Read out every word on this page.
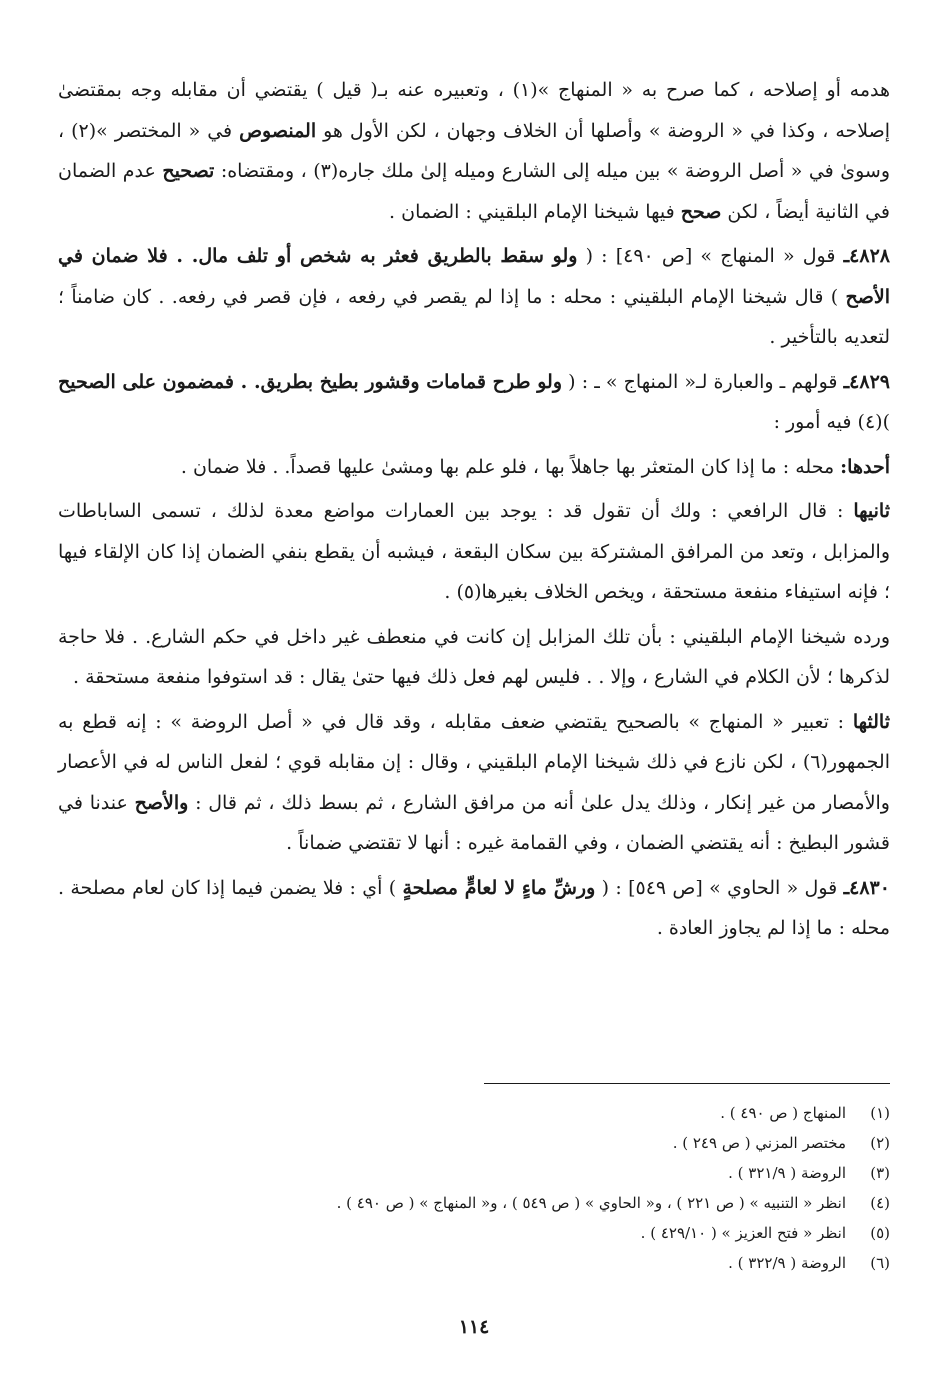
هدمه أو إصلاحه ، كما صرح به « المنهاج »(١) ، وتعبيره عنه بـ( قيل ) يقتضي أن مقابله وجه بمقتضىٰ إصلاحه ، وكذا في « الروضة » وأصلها أن الخلاف وجهان ، لكن الأول هو المنصوص في « المختصر »(٢) ، وسوىٰ في « أصل الروضة » بين ميله إلى الشارع وميله إلىٰ ملك جاره(٣) ، ومقتضاه: تصحيح عدم الضمان في الثانية أيضاً ، لكن صحح فيها شيخنا الإمام البلقيني : الضمان .

٤٨٢٨ـ قول « المنهاج » [ص ٤٩٠] : ( ولو سقط بالطريق فعثر به شخص أو تلف مال. . فلا ضمان في الأصح ) قال شيخنا الإمام البلقيني : محله : ما إذا لم يقصر في رفعه ، فإن قصر في رفعه. . كان ضامناً ؛ لتعديه بالتأخير .

٤٨٢٩ـ قولهم ـ والعبارة لـ« المنهاج » ـ : ( ولو طرح قمامات وقشور بطيخ بطريق. . فمضمون على الصحيح )(٤) فيه أمور :

أحدها: محله : ما إذا كان المتعثر بها جاهلاً بها ، فلو علم بها ومشىٰ عليها قصداً. . فلا ضمان .

ثانيها : قال الرافعي : ولك أن تقول قد : يوجد بين العمارات مواضع معدة لذلك ، تسمى الساباطات والمزابل ، وتعد من المرافق المشتركة بين سكان البقعة ، فيشبه أن يقطع بنفي الضمان إذا كان الإلقاء فيها ؛ فإنه استيفاء منفعة مستحقة ، ويخص الخلاف بغيرها(٥) .

ورده شيخنا الإمام البلقيني : بأن تلك المزابل إن كانت في منعطف غير داخل في حكم الشارع. . فلا حاجة لذكرها ؛ لأن الكلام في الشارع ، وإلا . . فليس لهم فعل ذلك فيها حتىٰ يقال : قد استوفوا منفعة مستحقة .

ثالثها : تعبير « المنهاج » بالصحيح يقتضي ضعف مقابله ، وقد قال في « أصل الروضة » : إنه قطع به الجمهور(٦) ، لكن نازع في ذلك شيخنا الإمام البلقيني ، وقال : إن مقابله قوي ؛ لفعل الناس له في الأعصار والأمصار من غير إنكار ، وذلك يدل علىٰ أنه من مرافق الشارع ، ثم بسط ذلك ، ثم قال : والأصح عندنا في قشور البطيخ : أنه يقتضي الضمان ، وفي القمامة غيره : أنها لا تقتضي ضماناً .

٤٨٣٠ـ قول « الحاوي » [ص ٥٤٩] : ( ورشِّ ماءٍ لا لعامٍّ مصلحةٍ ) أي : فلا يضمن فيما إذا كان لعام مصلحة . محله : ما إذا لم يجاوز العادة .

(١)
المنهاج ( ص ٤٩٠ ) .
(٢)
مختصر المزني ( ص ٢٤٩ ) .
(٣)
الروضة ( ٣٢١/٩ ) .
(٤)
انظر « التنبيه » ( ص ٢٢١ ) ، و« الحاوي » ( ص ٥٤٩ ) ، و« المنهاج » ( ص ٤٩٠ ) .
(٥)
انظر « فتح العزيز » ( ٤٢٩/١٠ ) .
(٦)
الروضة ( ٣٢٢/٩ ) .
١١٤
